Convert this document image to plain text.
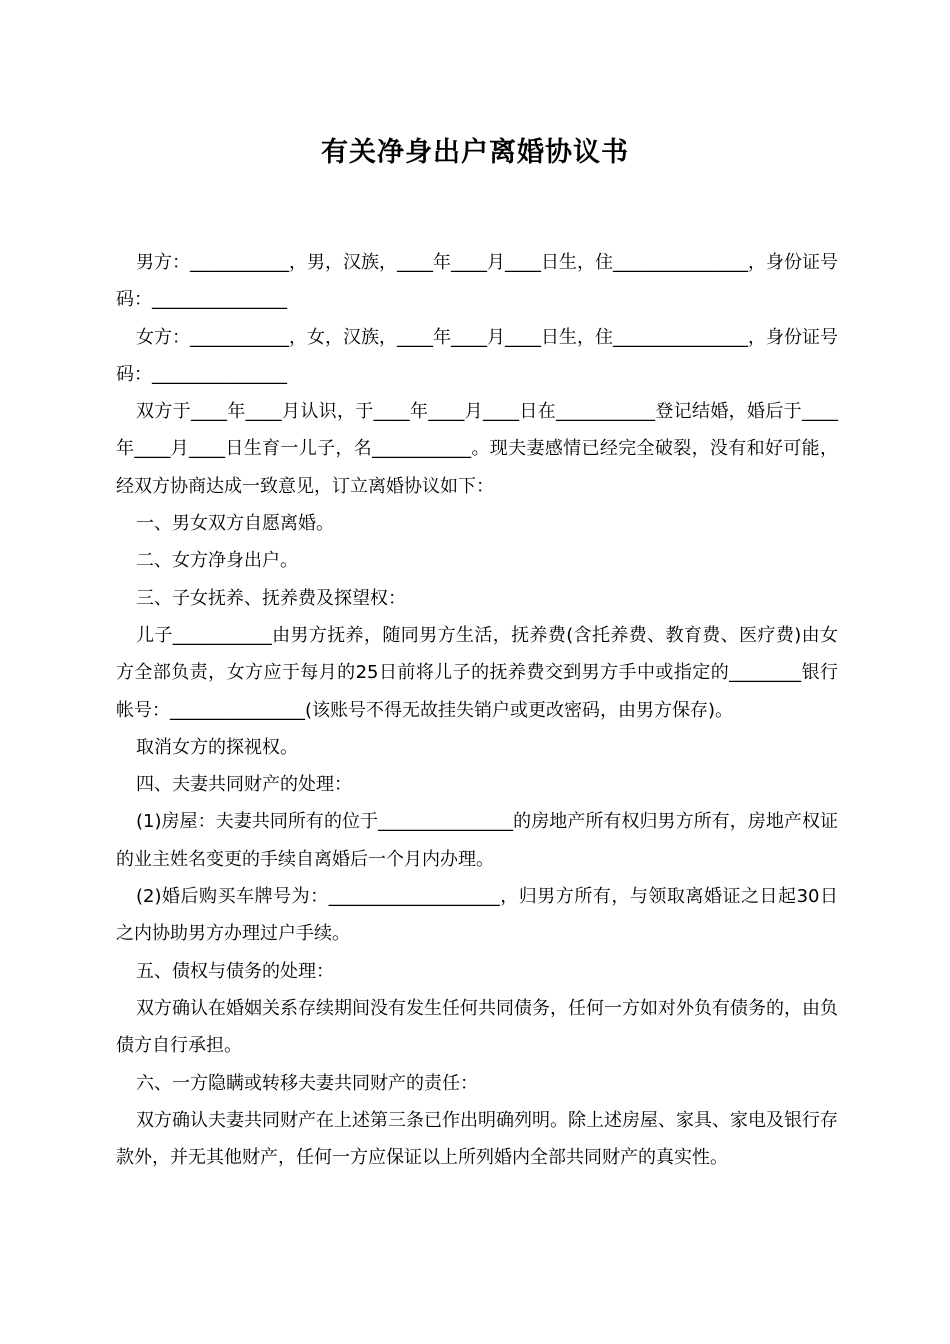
有关净身出户离婚协议书

男方：___________，男，汉族，____年____月____日生，住_______________，身份证号码：_______________

女方：___________，女，汉族，____年____月____日生，住_______________，身份证号码：_______________

双方于____年____月认识，于____年____月____日在___________登记结婚，婚后于____年____月____日生育一儿子，名___________。现夫妻感情已经完全破裂，没有和好可能，经双方协商达成一致意见，订立离婚协议如下：

一、男女双方自愿离婚。

二、女方净身出户。

三、子女抚养、抚养费及探望权：

儿子___________由男方抚养，随同男方生活，抚养费(含托养费、教育费、医疗费)由女方全部负责，女方应于每月的25日前将儿子的抚养费交到男方手中或指定的________银行帐号：_______________(该账号不得无故挂失销户或更改密码，由男方保存)。

取消女方的探视权。

四、夫妻共同财产的处理：

(1)房屋：夫妻共同所有的位于_______________的房地产所有权归男方所有，房地产权证的业主姓名变更的手续自离婚后一个月内办理。

(2)婚后购买车牌号为：___________________，归男方所有，与领取离婚证之日起30日之内协助男方办理过户手续。

五、债权与债务的处理：

双方确认在婚姻关系存续期间没有发生任何共同债务，任何一方如对外负有债务的，由负债方自行承担。

六、一方隐瞒或转移夫妻共同财产的责任：

双方确认夫妻共同财产在上述第三条已作出明确列明。除上述房屋、家具、家电及银行存款外，并无其他财产，任何一方应保证以上所列婚内全部共同财产的真实性。
